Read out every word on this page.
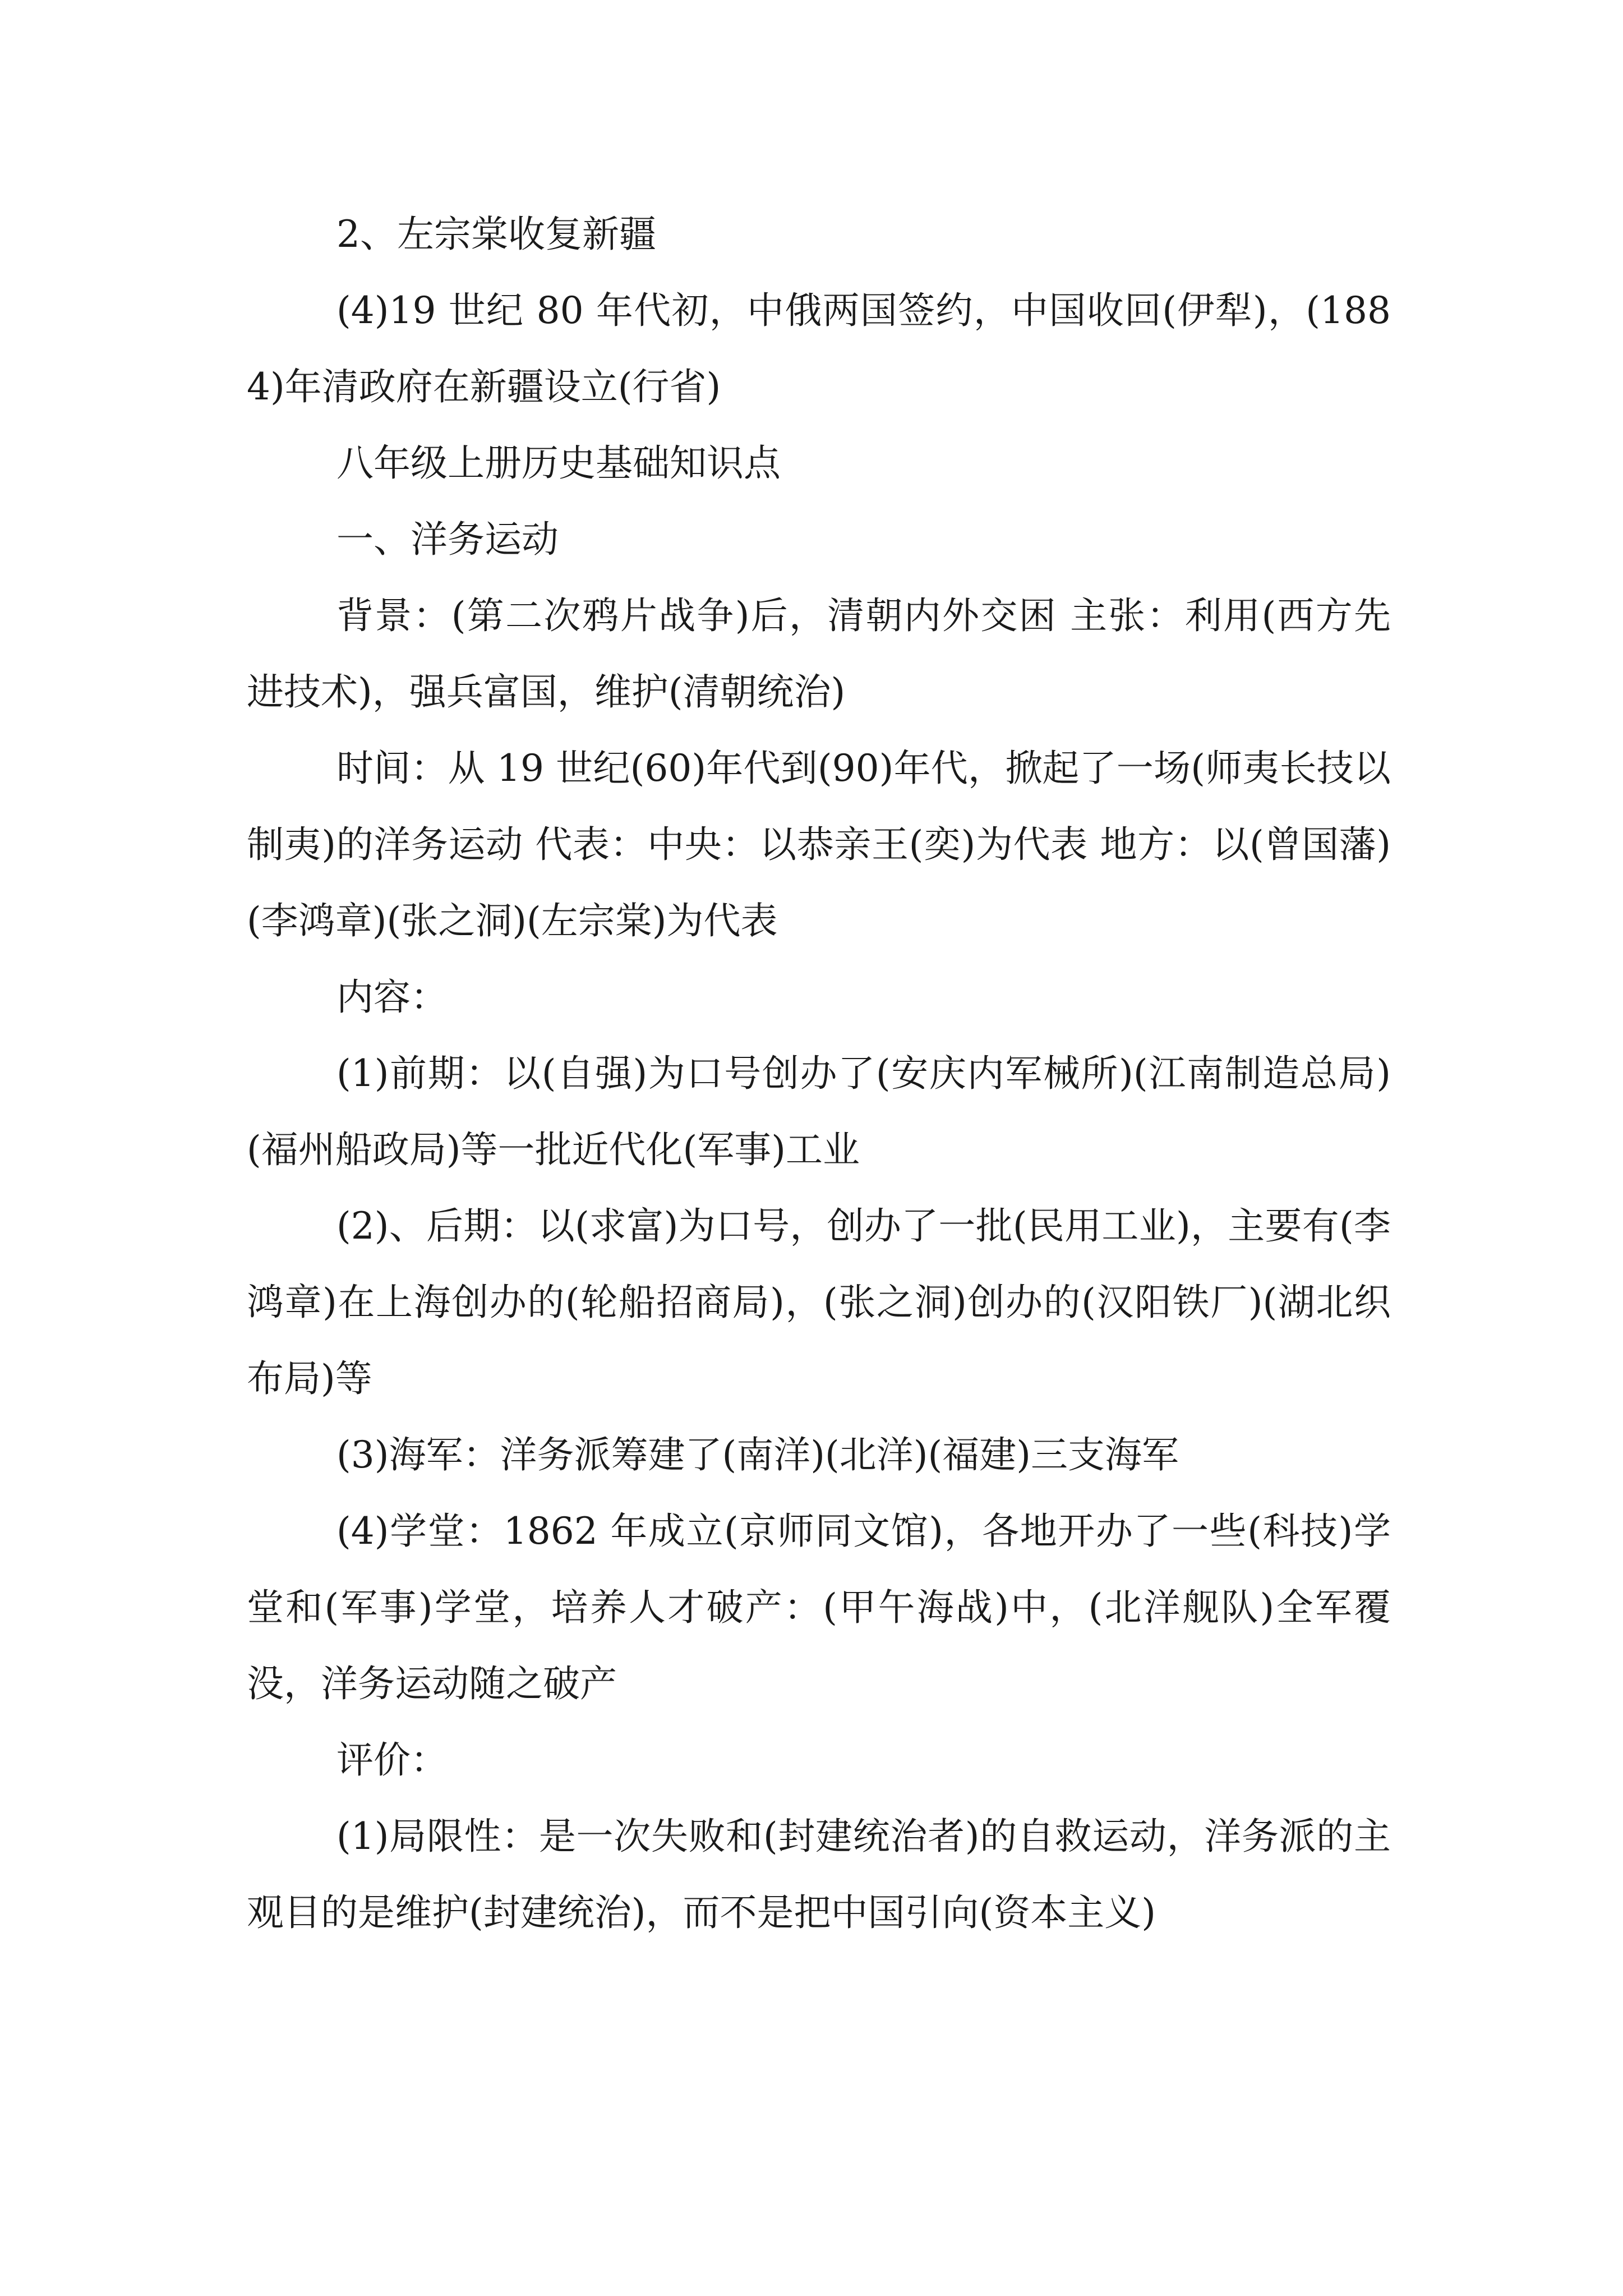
2、左宗棠收复新疆

(4)19 世纪 80 年代初，中俄两国签约，中国收回(伊犁)，(1884)年清政府在新疆设立(行省)

八年级上册历史基础知识点

一、洋务运动

背景：(第二次鸦片战争)后，清朝内外交困 主张：利用(西方先进技术)，强兵富国，维护(清朝统治)

时间：从 19 世纪(60)年代到(90)年代，掀起了一场(师夷长技以制夷)的洋务运动 代表：中央：以恭亲王(奕)为代表 地方：以(曾国藩)(李鸿章)(张之洞)(左宗棠)为代表

内容：

(1)前期：以(自强)为口号创办了(安庆内军械所)(江南制造总局)(福州船政局)等一批近代化(军事)工业

(2)、后期：以(求富)为口号，创办了一批(民用工业)，主要有(李鸿章)在上海创办的(轮船招商局)，(张之洞)创办的(汉阳铁厂)(湖北织布局)等

(3)海军：洋务派筹建了(南洋)(北洋)(福建)三支海军

(4)学堂：1862 年成立(京师同文馆)，各地开办了一些(科技)学堂和(军事)学堂，培养人才破产：(甲午海战)中，(北洋舰队)全军覆没，洋务运动随之破产

评价：

(1)局限性：是一次失败和(封建统治者)的自救运动，洋务派的主观目的是维护(封建统治)，而不是把中国引向(资本主义)
